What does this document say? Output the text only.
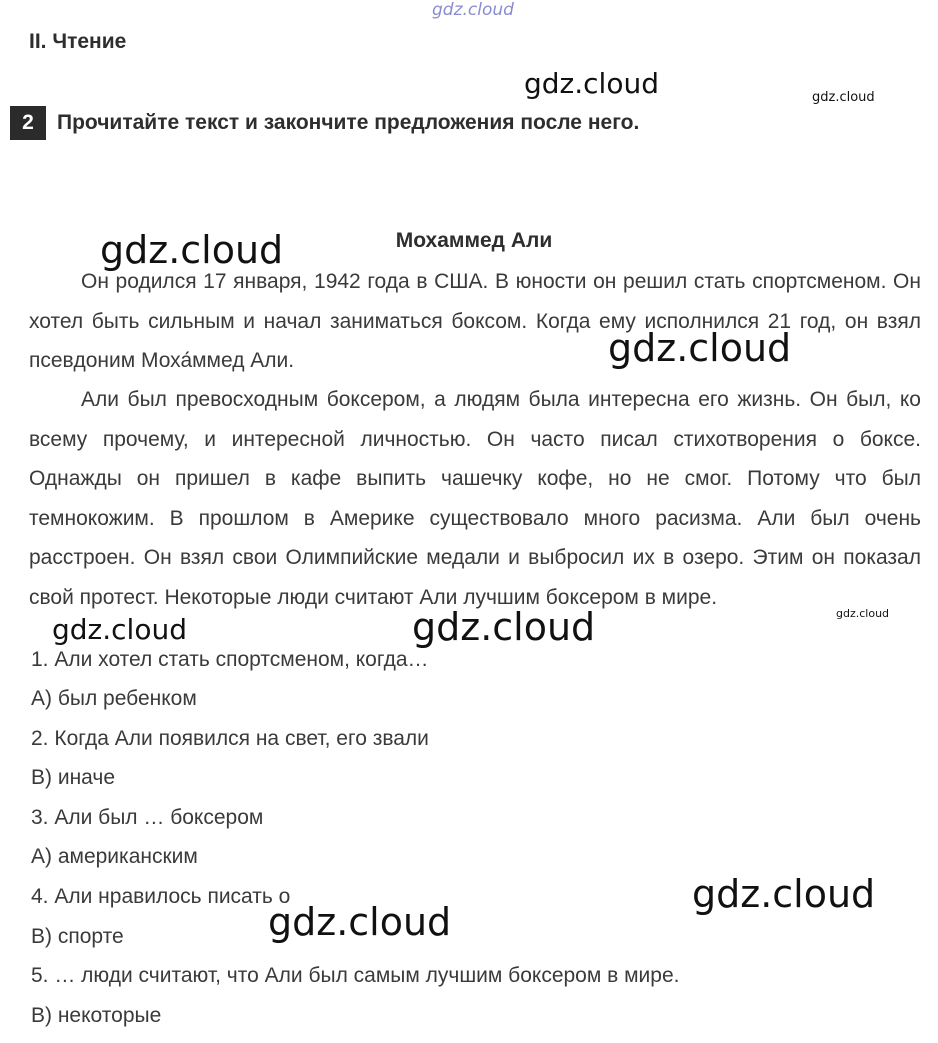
II. Чтение
2 Прочитайте текст и закончите предложения после него.
Мохаммед Али
Он родился 17 января, 1942 года в США. В юности он решил стать спортсменом. Он хотел быть сильным и начал заниматься боксом. Когда ему исполнился 21 год, он взял псевдоним Моха́ммед Али.
Али был превосходным боксером, а людям была интересна его жизнь. Он был, ко всему прочему, и интересной личностью. Он часто писал стихотворения о боксе. Однажды он пришел в кафе выпить чашечку кофе, но не смог. Потому что был темнокожим. В прошлом в Америке существовало много расизма. Али был очень расстроен. Он взял свои Олимпийские медали и выбросил их в озеро. Этим он показал свой протест. Некоторые люди считают Али лучшим боксером в мире.
1. Али хотел стать спортсменом, когда…
А) был ребенком
2. Когда Али появился на свет, его звали
В) иначе
3. Али был … боксером
А) американским
4. Али нравилось писать о
В) спорте
5. … люди считают, что Али был самым лучшим боксером в мире.
В) некоторые
gdz.cloud
gdz.cloud	gdz.cloud
gdz.cloud
gdz.cloud
gdz.cloud
gdz.cloud	gdz.cloud
gdz.cloud
gdz.cloud
